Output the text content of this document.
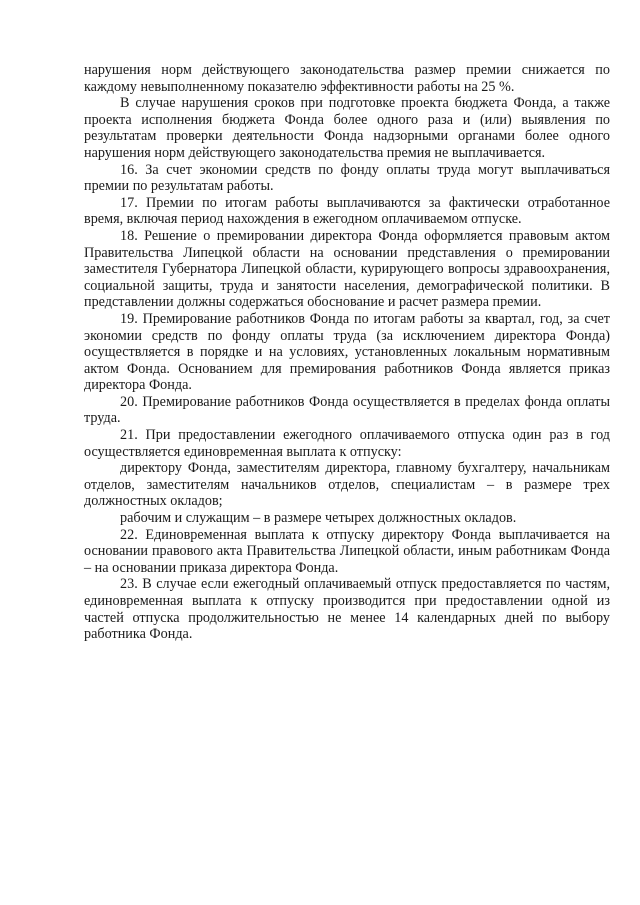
нарушения норм действующего законодательства размер премии снижается по каждому невыполненному показателю эффективности работы на 25 %.

В случае нарушения сроков при подготовке проекта бюджета Фонда, а также проекта исполнения бюджета Фонда более одного раза и (или) выявления по результатам проверки деятельности Фонда надзорными органами более одного нарушения норм действующего законодательства премия не выплачивается.

16. За счет экономии средств по фонду оплаты труда могут выплачиваться премии по результатам работы.

17. Премии по итогам работы выплачиваются за фактически отработанное время, включая период нахождения в ежегодном оплачиваемом отпуске.

18. Решение о премировании директора Фонда оформляется правовым актом Правительства Липецкой области на основании представления о премировании заместителя Губернатора Липецкой области, курирующего вопросы здравоохранения, социальной защиты, труда и занятости населения, демографической политики. В представлении должны содержаться обоснование и расчет размера премии.

19. Премирование работников Фонда по итогам работы за квартал, год, за счет экономии средств по фонду оплаты труда (за исключением директора Фонда) осуществляется в порядке и на условиях, установленных локальным нормативным актом Фонда. Основанием для премирования работников Фонда является приказ директора Фонда.

20. Премирование работников Фонда осуществляется в пределах фонда оплаты труда.

21. При предоставлении ежегодного оплачиваемого отпуска один раз в год осуществляется единовременная выплата к отпуску:

директору Фонда, заместителям директора, главному бухгалтеру, начальникам отделов, заместителям начальников отделов, специалистам – в размере трех должностных окладов;

рабочим и служащим – в размере четырех должностных окладов.

22. Единовременная выплата к отпуску директору Фонда выплачивается на основании правового акта Правительства Липецкой области, иным работникам Фонда – на основании приказа директора Фонда.

23. В случае если ежегодный оплачиваемый отпуск предоставляется по частям, единовременная выплата к отпуску производится при предоставлении одной из частей отпуска продолжительностью не менее 14 календарных дней по выбору работника Фонда.
